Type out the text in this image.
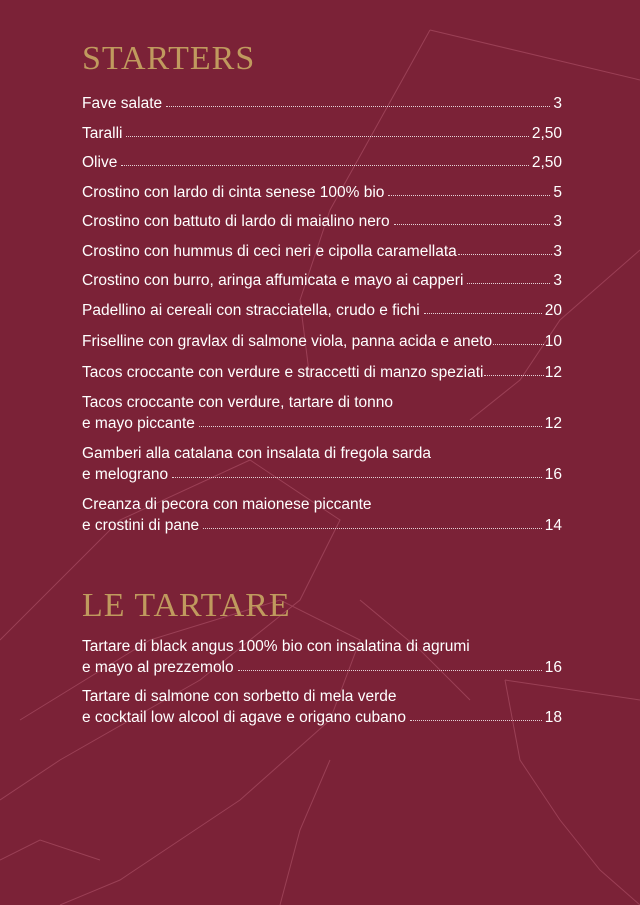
STARTERS
Fave salate	3
Taralli	2,50
Olive	2,50
Crostino con lardo di cinta senese 100% bio	5
Crostino con battuto di lardo di maialino nero	3
Crostino con hummus di ceci neri e cipolla caramellata	3
Crostino con burro, aringa affumicata e mayo ai capperi	3
Padellino ai cereali con stracciatella, crudo e fichi	20
Friselline con gravlax di salmone viola, panna acida e aneto	10
Tacos croccante con verdure e straccetti di manzo speziati	12
Tacos croccante con verdure, tartare di tonno
e mayo piccante	12
Gamberi alla catalana con insalata di fregola sarda
e melograno	16
Creanza di pecora con maionese piccante
e crostini di pane	14
LE TARTARE
Tartare di black angus 100% bio con insalatina di agrumi
e mayo al prezzemolo	16
Tartare di salmone con sorbetto di mela verde
e cocktail low alcool di agave e origano cubano	18
